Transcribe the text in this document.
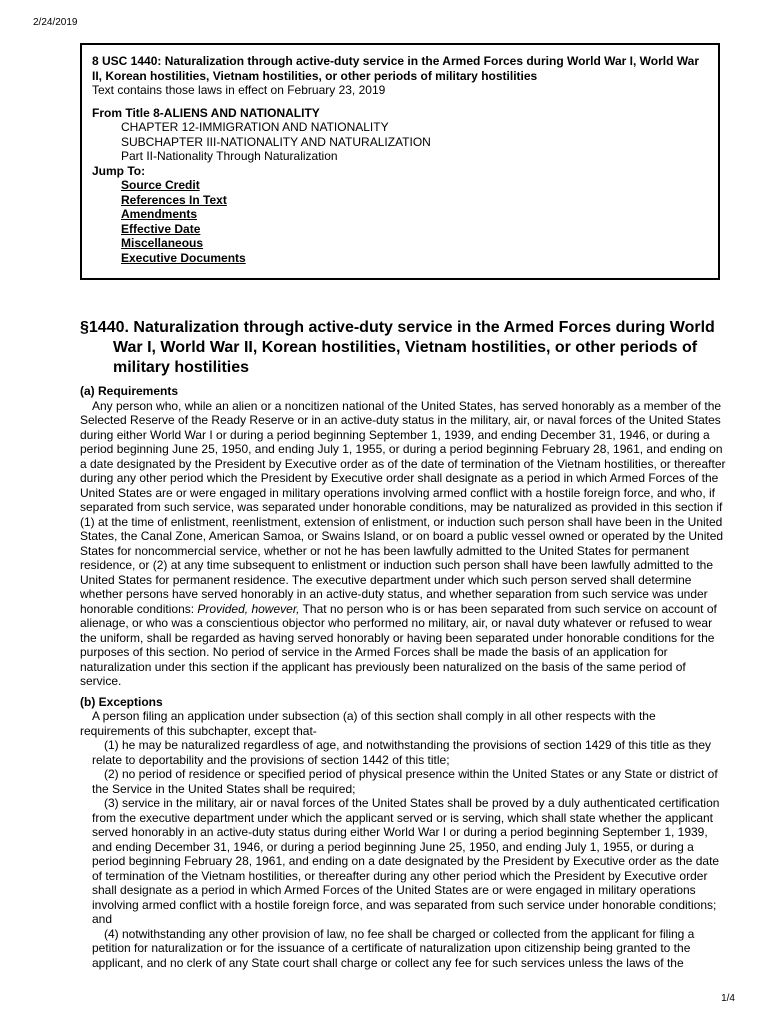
2/24/2019
8 USC 1440: Naturalization through active-duty service in the Armed Forces during World War I, World War II, Korean hostilities, Vietnam hostilities, or other periods of military hostilities
Text contains those laws in effect on February 23, 2019
From Title 8-ALIENS AND NATIONALITY
CHAPTER 12-IMMIGRATION AND NATIONALITY
SUBCHAPTER III-NATIONALITY AND NATURALIZATION
Part II-Nationality Through Naturalization
Jump To:
Source Credit
References In Text
Amendments
Effective Date
Miscellaneous
Executive Documents
§1440. Naturalization through active-duty service in the Armed Forces during World War I, World War II, Korean hostilities, Vietnam hostilities, or other periods of military hostilities
(a) Requirements

Any person who, while an alien or a noncitizen national of the United States, has served honorably as a member of the Selected Reserve of the Ready Reserve or in an active-duty status in the military, air, or naval forces of the United States during either World War I or during a period beginning September 1, 1939, and ending December 31, 1946, or during a period beginning June 25, 1950, and ending July 1, 1955, or during a period beginning February 28, 1961, and ending on a date designated by the President by Executive order as of the date of termination of the Vietnam hostilities, or thereafter during any other period which the President by Executive order shall designate as a period in which Armed Forces of the United States are or were engaged in military operations involving armed conflict with a hostile foreign force, and who, if separated from such service, was separated under honorable conditions, may be naturalized as provided in this section if (1) at the time of enlistment, reenlistment, extension of enlistment, or induction such person shall have been in the United States, the Canal Zone, American Samoa, or Swains Island, or on board a public vessel owned or operated by the United States for noncommercial service, whether or not he has been lawfully admitted to the United States for permanent residence, or (2) at any time subsequent to enlistment or induction such person shall have been lawfully admitted to the United States for permanent residence. The executive department under which such person served shall determine whether persons have served honorably in an active-duty status, and whether separation from such service was under honorable conditions: Provided, however, That no person who is or has been separated from such service on account of alienage, or who was a conscientious objector who performed no military, air, or naval duty whatever or refused to wear the uniform, shall be regarded as having served honorably or having been separated under honorable conditions for the purposes of this section. No period of service in the Armed Forces shall be made the basis of an application for naturalization under this section if the applicant has previously been naturalized on the basis of the same period of service.

(b) Exceptions

A person filing an application under subsection (a) of this section shall comply in all other respects with the requirements of this subchapter, except that-

(1) he may be naturalized regardless of age, and notwithstanding the provisions of section 1429 of this title as they relate to deportability and the provisions of section 1442 of this title;

(2) no period of residence or specified period of physical presence within the United States or any State or district of the Service in the United States shall be required;

(3) service in the military, air or naval forces of the United States shall be proved by a duly authenticated certification from the executive department under which the applicant served or is serving, which shall state whether the applicant served honorably in an active-duty status during either World War I or during a period beginning September 1, 1939, and ending December 31, 1946, or during a period beginning June 25, 1950, and ending July 1, 1955, or during a period beginning February 28, 1961, and ending on a date designated by the President by Executive order as the date of termination of the Vietnam hostilities, or thereafter during any other period which the President by Executive order shall designate as a period in which Armed Forces of the United States are or were engaged in military operations involving armed conflict with a hostile foreign force, and was separated from such service under honorable conditions; and

(4) notwithstanding any other provision of law, no fee shall be charged or collected from the applicant for filing a petition for naturalization or for the issuance of a certificate of naturalization upon citizenship being granted to the applicant, and no clerk of any State court shall charge or collect any fee for such services unless the laws of the

1/4
